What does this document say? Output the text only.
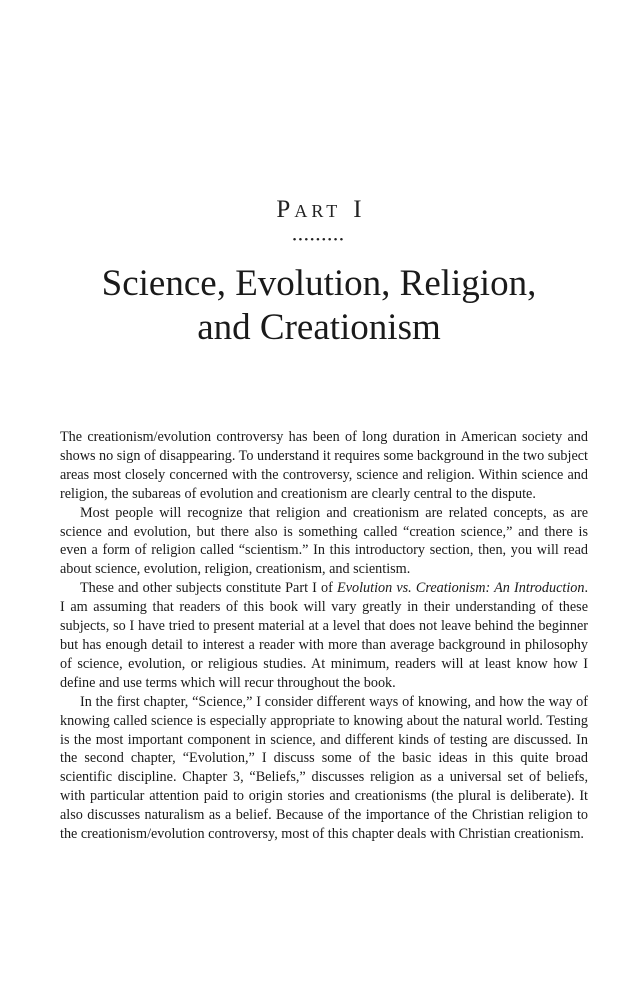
Part I
•••••••••
Science, Evolution, Religion,
and Creationism

The creationism/evolution controversy has been of long duration in American society and shows no sign of disappearing. To understand it requires some background in the two subject areas most closely concerned with the controversy, science and religion. Within science and religion, the subareas of evolution and creationism are clearly central to the dispute.

Most people will recognize that religion and creationism are related concepts, as are science and evolution, but there also is something called “creation science,” and there is even a form of religion called “scientism.” In this introductory section, then, you will read about science, evolution, religion, creationism, and scientism.

These and other subjects constitute Part I of Evolution vs. Creationism: An Introduction. I am assuming that readers of this book will vary greatly in their understanding of these subjects, so I have tried to present material at a level that does not leave behind the beginner but has enough detail to interest a reader with more than average background in philosophy of science, evolution, or religious studies. At minimum, readers will at least know how I define and use terms which will recur throughout the book.

In the first chapter, “Science,” I consider different ways of knowing, and how the way of knowing called science is especially appropriate to knowing about the natural world. Testing is the most important component in science, and different kinds of testing are discussed. In the second chapter, “Evolution,” I discuss some of the basic ideas in this quite broad scientific discipline. Chapter 3, “Beliefs,” discusses religion as a universal set of beliefs, with particular attention paid to origin stories and creationisms (the plural is deliberate). It also discusses naturalism as a belief. Because of the importance of the Christian religion to the creationism/evolution controversy, most of this chapter deals with Christian creationism.
